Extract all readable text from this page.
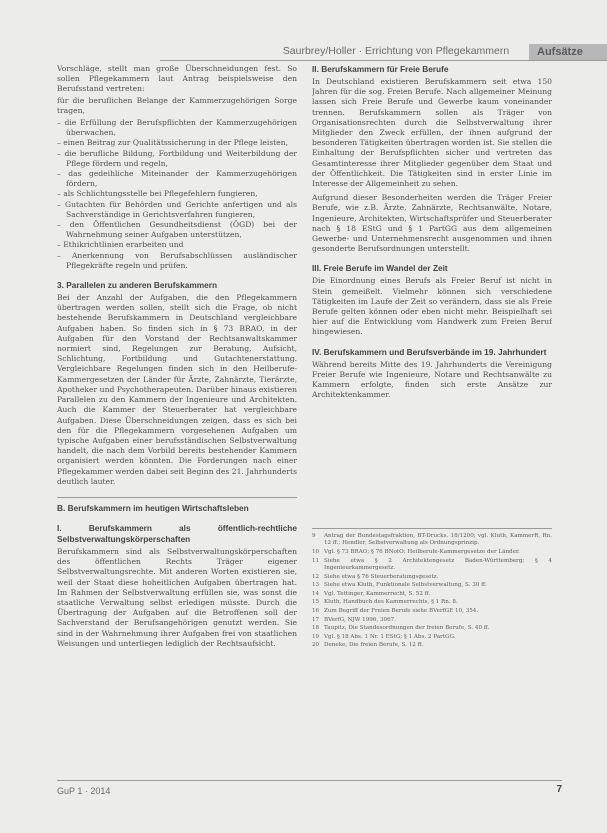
Saurbrey/Holler · Errichtung von Pflegekammern	Aufsätze

Vorschläge, stellt man große Überschneidungen fest. So sollen Pflegekammern laut Antrag beispielsweise den Berufsstand vertreten:

für die beruflichen Belange der Kammerzugehörigen Sorge tragen,

– die Erfüllung der Berufspflichten der Kammerzugehörigen überwachen,
– einen Beitrag zur Qualitätssicherung in der Pflege leisten,
– die berufliche Bildung, Fortbildung und Weiterbildung der Pflege fördern und regeln,
– das gedeihliche Miteinander der Kammerzugehörigen fördern,
– als Schlichtungsstelle bei Pflegefehlern fungieren,
– Gutachten für Behörden und Gerichte anfertigen und als Sachverständige in Gerichtsverfahren fungieren,
– den Öffentlichen Gesundheitsdienst (ÖGD) bei der Wahrnehmung seiner Aufgaben unterstützen,
– Ethikrichtlinien erarbeiten und
– Anerkennung von Berufsabschlüssen ausländischer Pflegekräfte regeln und prüfen.
3. Parallelen zu anderen Berufskammern

Bei der Anzahl der Aufgaben, die den Pflegekammern übertragen werden sollen, stellt sich die Frage, ob nicht bestehende Berufskammern in Deutschland vergleichbare Aufgaben haben. So finden sich in § 73 BRAO, in der Aufgaben für den Vorstand der Rechtsanwaltskammer normiert sind, Regelungen zur Beratung, Aufsicht, Schlichtung, Fortbildung und Gutachtenerstattung. Vergleichbare Regelungen finden sich in den Heilberufe-Kammergesetzen der Länder für Ärzte, Zahnärzte, Tierärzte, Apotheker und Psychotherapeuten. Darüber hinaus existieren Parallelen zu den Kammern der Ingenieure und Architekten. Auch die Kammer der Steuerberater hat vergleichbare Aufgaben. Diese Überschneidungen zeigen, dass es sich bei den für die Pflegekammern vorgesehenen Aufgaben um typische Aufgaben einer berufsständischen Selbstverwaltung handelt, die nach dem Vorbild bereits bestehender Kammern organisiert werden könnten. Die Forderungen nach einer Pflegekammer werden dabei seit Beginn des 21. Jahrhunderts deutlich lauter.

B. Berufskammern im heutigen Wirtschaftsleben
I. Berufskammern als öffentlich-rechtliche Selbstverwaltungskörperschaften

Berufskammern sind als Selbstverwaltungskörperschaften des öffentlichen Rechts Träger eigener Selbstverwaltungsrechte. Mit anderen Worten existieren sie, weil der Staat diese hoheitlichen Aufgaben übertragen hat. Im Rahmen der Selbstverwaltung erfüllen sie, was sonst die staatliche Verwaltung selbst erledigen müsste. Durch die Übertragung der Aufgaben auf die Betroffenen soll der Sachverstand der Berufsangehörigen genutzt werden. Sie sind in der Wahrnehmung ihrer Aufgaben frei von staatlichen Weisungen und unterliegen lediglich der Rechtsaufsicht.

II. Berufskammern für Freie Berufe

In Deutschland existieren Berufskammern seit etwa 150 Jahren für die sog. Freien Berufe. Nach allgemeiner Meinung lassen sich Freie Berufe und Gewerbe kaum voneinander trennen. Berufskammern sollen als Träger von Organisationsrechten durch die Selbstverwaltung ihrer Mitglieder den Zweck erfüllen, der ihnen aufgrund der besonderen Tätigkeiten übertragen worden ist. Sie stellen die Einhaltung der Berufspflichten sicher und vertreten das Gesamtinteresse ihrer Mitglieder gegenüber dem Staat und der Öffentlichkeit. Die Tätigkeiten sind in erster Linie im Interesse der Allgemeinheit zu sehen.

Aufgrund dieser Besonderheiten werden die Träger Freier Berufe, wie z.B. Ärzte, Zahnärzte, Rechtsanwälte, Notare, Ingenieure, Architekten, Wirtschaftsprüfer und Steuerberater nach § 18 EStG und § 1 PartGG aus dem allgemeinen Gewerbe- und Unternehmensrecht ausgenommen und ihnen gesonderte Berufsordnungen unterstellt.

III. Freie Berufe im Wandel der Zeit

Die Einordnung eines Berufs als Freier Beruf ist nicht in Stein gemeißelt. Vielmehr können sich verschiedene Tätigkeiten im Laufe der Zeit so verändern, dass sie als Freie Berufe gelten können oder eben nicht mehr. Beispielhaft sei hier auf die Entwicklung vom Handwerk zum Freien Beruf hingewiesen.

IV. Berufskammern und Berufsverbände im 19. Jahrhundert

Während bereits Mitte des 19. Jahrhunderts die Vereinigung Freier Berufe wie Ingenieure, Notare und Rechtsanwälte zu Kammern erfolgte, finden sich erste Ansätze zur Architektenkammer.

9	Antrag der Bundestagsfraktion, BT-Drucks. 18/1200; vgl. Kluth, KammerR, Rn. 12 ff.; Hendler, Selbstverwaltung als Ordnungsprinzip.
10 Vgl. § 73 BRAO; § 76 BNotO; Heilberufe-Kammergesetze der Länder.
11 Siehe etwa § 2 Architektengesetz Baden-Württemberg; § 4 Ingenieurkammergesetz.
12 Siehe etwa § 76 Steuerberatungsgesetz.
13 Siehe etwa Kluth, Funktionale Selbstverwaltung, S. 30 ff.
14 Vgl. Tettinger, Kammerrecht, S. 52 ff.
15 Kluth, Handbuch des Kammerrechts, § 1 Rn. 8.
16 Zum Begriff der Freien Berufe siehe BVerfGE 10, 354.
17 BVerfG, NJW 1996, 3067.
18 Taupitz, Die Standesordnungen der freien Berufe, S. 40 ff.
19 Vgl. § 18 Abs. 1 Nr. 1 EStG; § 1 Abs. 2 PartGG.
20 Deneke, Die freien Berufe, S. 12 ff.
GuP 1 · 2014	7
